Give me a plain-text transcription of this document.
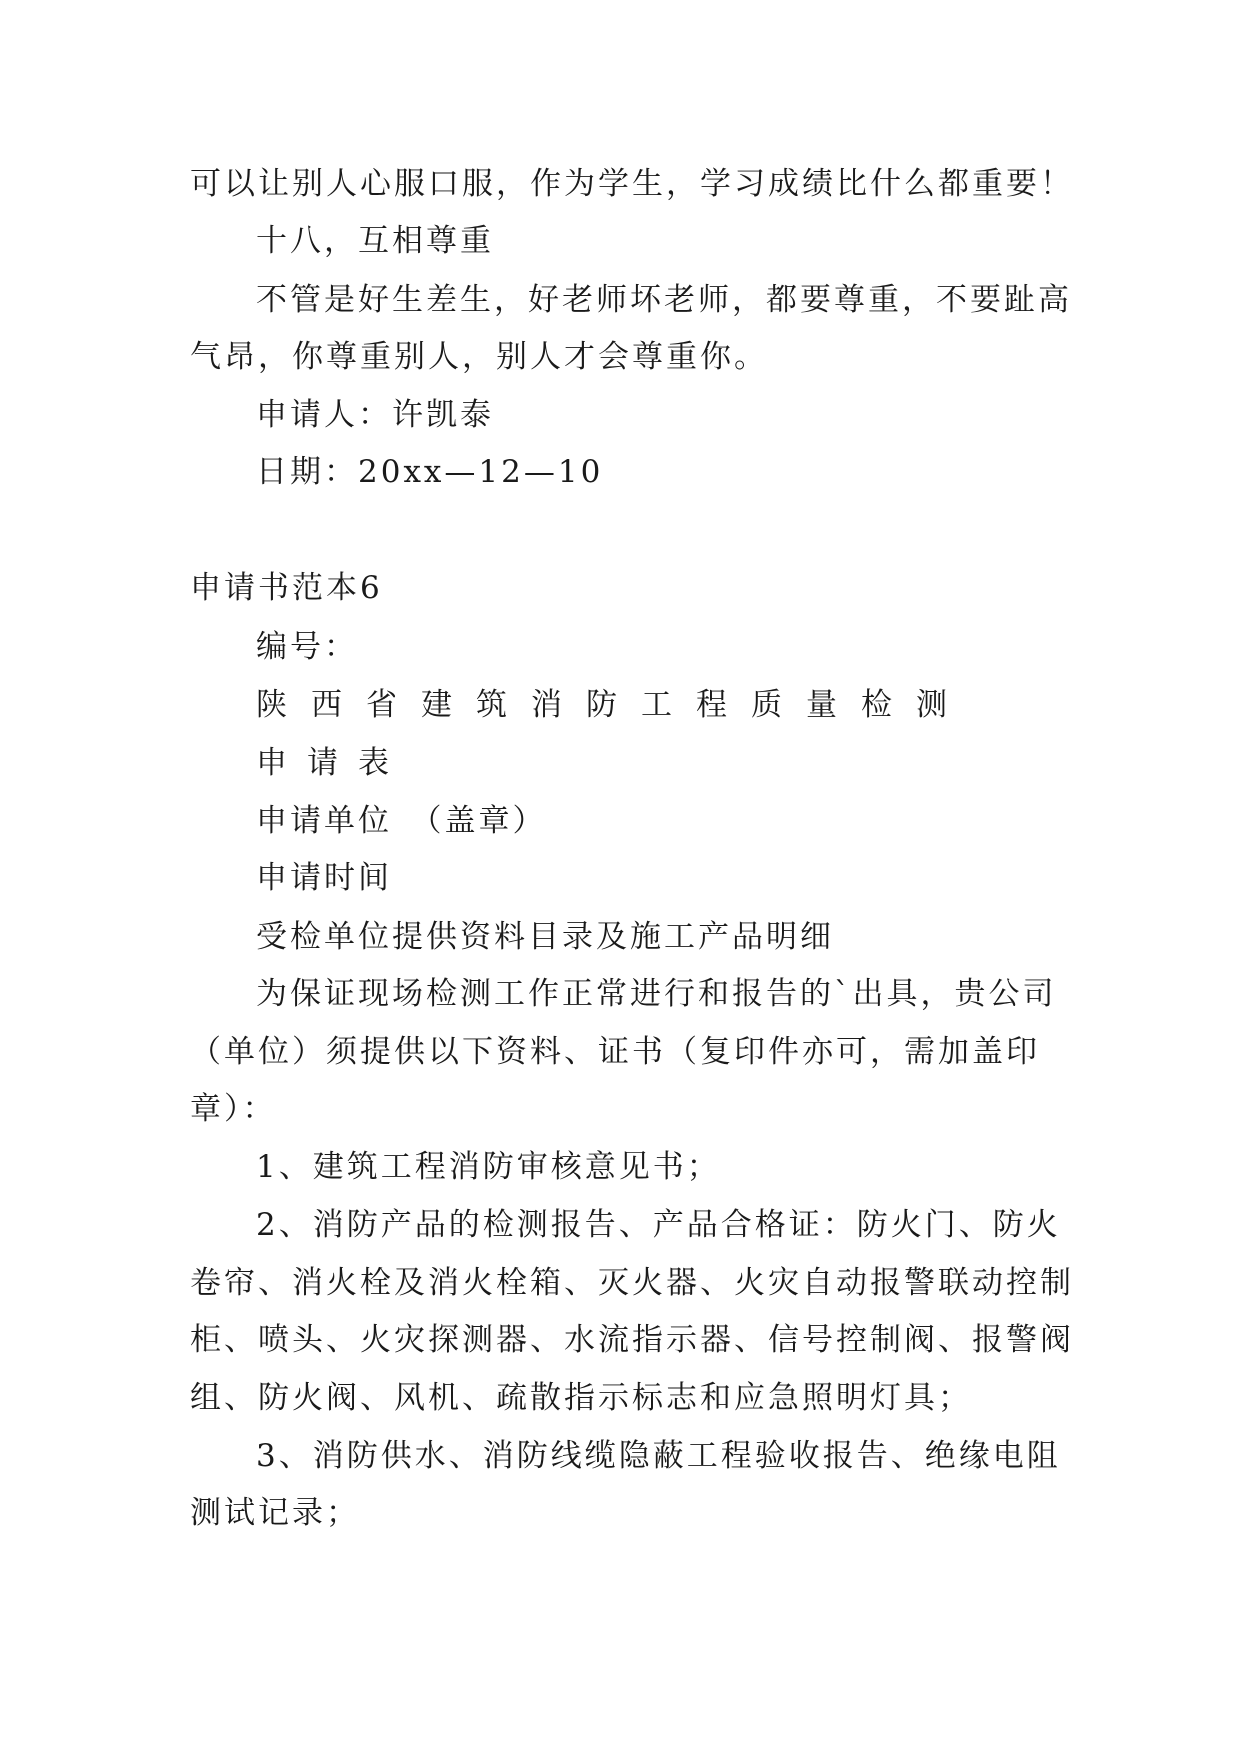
可以让别人心服口服，作为学生，学习成绩比什么都重要！
十八，互相尊重
不管是好生差生，好老师坏老师，都要尊重，不要趾高
气昂，你尊重别人，别人才会尊重你。
申请人：许凯泰
日期：20xx—12—10
申请书范本6
编号：
陕西省建筑消防工程质量检测
申请表
申请单位　（盖章）
申请时间
受检单位提供资料目录及施工产品明细
为保证现场检测工作正常进行和报告的`出具，贵公司
（单位）须提供以下资料、证书（复印件亦可，需加盖印
章）：
1、建筑工程消防审核意见书；
2、消防产品的检测报告、产品合格证：防火门、防火
卷帘、消火栓及消火栓箱、灭火器、火灾自动报警联动控制
柜、喷头、火灾探测器、水流指示器、信号控制阀、报警阀
组、防火阀、风机、疏散指示标志和应急照明灯具；
3、消防供水、消防线缆隐蔽工程验收报告、绝缘电阻
测试记录；
